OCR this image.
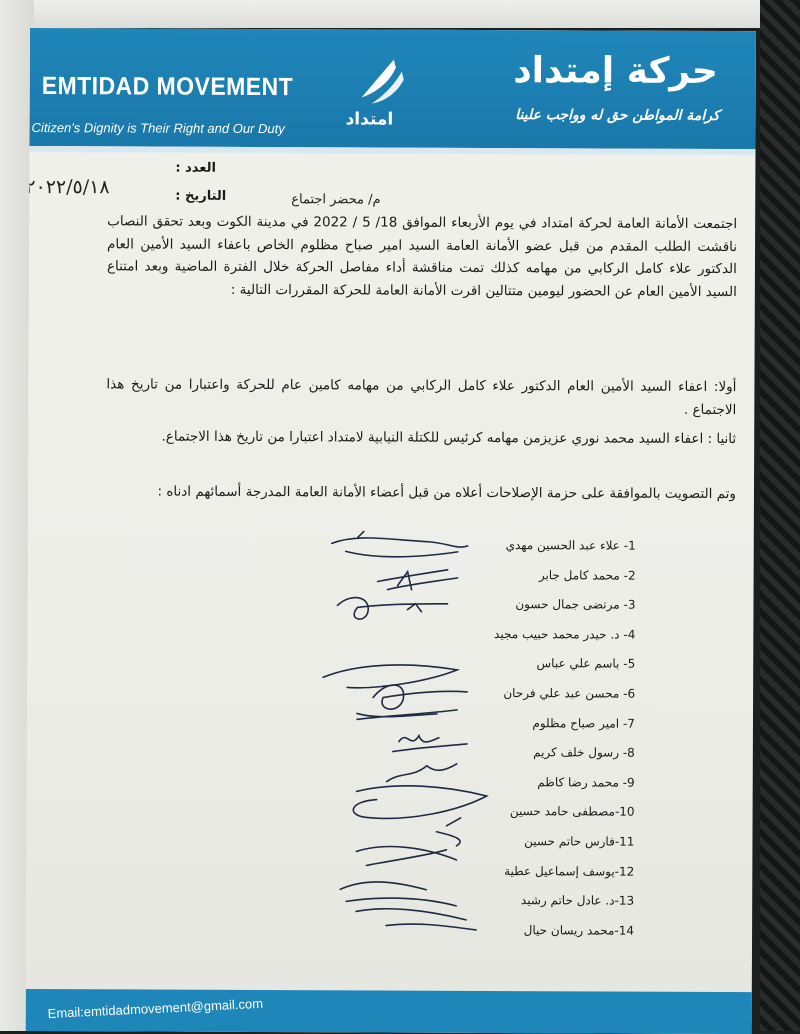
EMTIDAD MOVEMENT
Citizen's Dignity is Their Right and Our Duty
حركة إمتداد
كرامة المواطن حق له وواجب علينا
امتداد
العدد :
التاريخ :
٢٠٢٢/٥/١٨
م/ محضر اجتماع
اجتمعت الأمانة العامة لحركة امتداد في يوم الأربعاء الموافق 18/ 5 / 2022 في مدينة الكوت وبعد تحقق النصاب ناقشت الطلب المقدم من قبل عضو الأمانة العامة السيد امير صباح مظلوم الخاص باعفاء السيد الأمين العام الدكتور علاء كامل الركابي من مهامه كذلك تمت مناقشة أداء مفاصل الحركة خلال الفترة الماضية وبعد امتناع السيد الأمين العام عن الحضور ليومين متتالين اقرت الأمانة العامة للحركة المقررات التالية :
أولا: اعفاء السيد الأمين العام الدكتور علاء كامل الركابي من مهامه كامين عام للحركة واعتبارا من تاريخ هذا الاجتماع .
ثانيا : اعفاء السيد محمد نوري عزيزمن مهامه كرئيس للكتلة النيابية لامتداد اعتبارا من تاريخ هذا الاجتماع.
وتم التصويت بالموافقة على حزمة الإصلاحات أعلاه من قبل أعضاء الأمانة العامة المدرجة أسمائهم ادناه :
1- علاء عبد الحسين مهدي
2- محمد كامل جابر
3- مرتضى جمال حسون
4- د. حيدر محمد حبيب مجيد
5- باسم علي عباس
6- محسن عبد علي فرحان
7- امير صباح مظلوم
8- رسول خلف كريم
9- محمد رضا كاظم
10-مصطفى حامد حسين
11-فارس حاتم حسين
12-يوسف إسماعيل عطية
13-د. عادل حاتم رشيد
14-محمد ريسان حيال
Email:emtidadmovement@gmail.com
